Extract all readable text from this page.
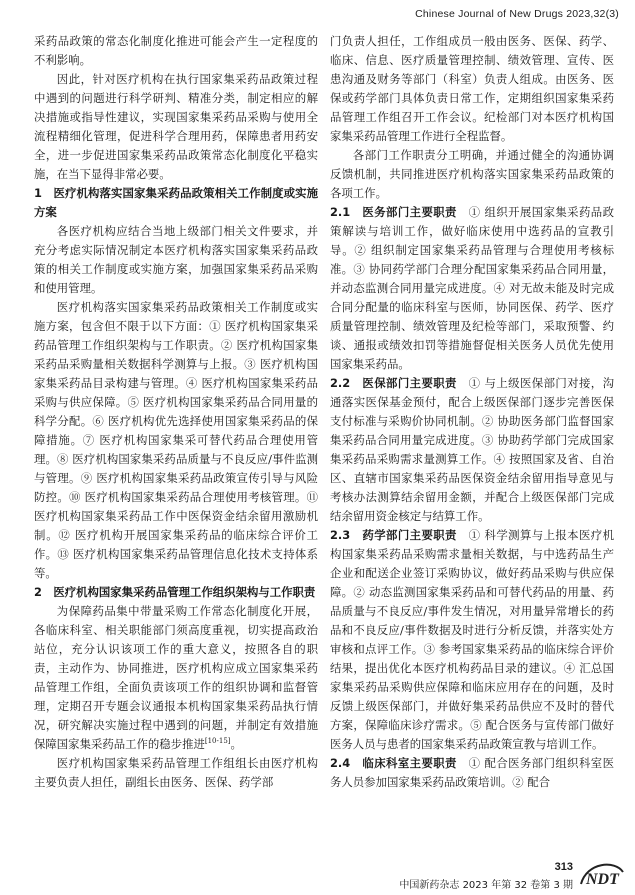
Chinese Journal of New Drugs 2023,32(3)

采药品政策的常态化制度化推进可能会产生一定程度的不利影响。

因此，针对医疗机构在执行国家集采药品政策过程中遇到的问题进行科学研判、精准分类，制定相应的解决措施或指导性建议，实现国家集采药品采购与使用全流程精细化管理，促进科学合理用药，保障患者用药安全，进一步促进国家集采药品政策常态化制度化平稳实施，在当下显得非常必要。

1　医疗机构落实国家集采药品政策相关工作制度或实施方案

各医疗机构应结合当地上级部门相关文件要求，并充分考虑实际情况制定本医疗机构落实国家集采药品政策的相关工作制度或实施方案，加强国家集采药品采购和使用管理。

医疗机构落实国家集采药品政策相关工作制度或实施方案，包含但不限于以下方面：① 医疗机构国家集采药品管理工作组织架构与工作职责。② 医疗机构国家集采药品采购量相关数据科学测算与上报。③ 医疗机构国家集采药品目录构建与管理。④ 医疗机构国家集采药品采购与供应保障。⑤ 医疗机构国家集采药品合同用量的科学分配。⑥ 医疗机构优先选择使用国家集采药品的保障措施。⑦ 医疗机构国家集采可替代药品合理使用管理。⑧ 医疗机构国家集采药品质量与不良反应/事件监测与管理。⑨ 医疗机构国家集采药品政策宣传引导与风险防控。⑩ 医疗机构国家集采药品合理使用考核管理。⑪ 医疗机构国家集采药品工作中医保资金结余留用激励机制。⑫ 医疗机构开展国家集采药品的临床综合评价工作。⑬ 医疗机构国家集采药品管理信息化技术支持体系等。

2　医疗机构国家集采药品管理工作组织架构与工作职责

为保障药品集中带量采购工作常态化制度化开展，各临床科室、相关职能部门须高度重视，切实提高政治站位，充分认识该项工作的重大意义，按照各自的职责，主动作为、协同推进，医疗机构应成立国家集采药品管理工作组，全面负责该项工作的组织协调和监督管理，定期召开专题会议通报本机构国家集采药品执行情况，研究解决实施过程中遇到的问题，并制定有效措施保障国家集采药品工作的稳步推进[10-15]。

医疗机构国家集采药品管理工作组组长由医疗机构主要负责人担任，副组长由医务、医保、药学部

门负责人担任，工作组成员一般由医务、医保、药学、临床、信息、医疗质量管理控制、绩效管理、宣传、医患沟通及财务等部门（科室）负责人组成。由医务、医保或药学部门具体负责日常工作，定期组织国家集采药品管理工作组召开工作会议。纪检部门对本医疗机构国家集采药品管理工作进行全程监督。

各部门工作职责分工明确，并通过健全的沟通协调反馈机制，共同推进医疗机构落实国家集采药品政策的各项工作。

2.1　医务部门主要职责　① 组织开展国家集采药品政策解读与培训工作，做好临床使用中选药品的宣教引导。② 组织制定国家集采药品管理与合理使用考核标准。③ 协同药学部门合理分配国家集采药品合同用量，并动态监测合同用量完成进度。④ 对无故未能及时完成合同分配量的临床科室与医师，协同医保、药学、医疗质量管理控制、绩效管理及纪检等部门，采取预警、约谈、通报或绩效扣罚等措施督促相关医务人员优先使用国家集采药品。

2.2　医保部门主要职责　① 与上级医保部门对接，沟通落实医保基金预付，配合上级医保部门逐步完善医保支付标准与采购价协同机制。② 协助医务部门监督国家集采药品合同用量完成进度。③ 协助药学部门完成国家集采药品采购需求量测算工作。④ 按照国家及省、自治区、直辖市国家集采药品医保资金结余留用指导意见与考核办法测算结余留用金额，并配合上级医保部门完成结余留用资金核定与结算工作。

2.3　药学部门主要职责　① 科学测算与上报本医疗机构国家集采药品采购需求量相关数据，与中选药品生产企业和配送企业签订采购协议，做好药品采购与供应保障。② 动态监测国家集采药品和可替代药品的用量、药品质量与不良反应/事件发生情况，对用量异常增长的药品和不良反应/事件数据及时进行分析反馈，并落实处方审核和点评工作。③ 参考国家集采药品的临床综合评价结果，提出优化本医疗机构药品目录的建议。④ 汇总国家集采药品采购供应保障和临床应用存在的问题，及时反馈上级医保部门，并做好集采药品供应不及时的替代方案，保障临床诊疗需求。⑤ 配合医务与宣传部门做好医务人员与患者的国家集采药品政策宣教与培训工作。

2.4　临床科室主要职责　① 配合医务部门组织科室医务人员参加国家集采药品政策培训。② 配合

313
中国新药杂志 2023 年第 32 卷第 3 期 NDT
